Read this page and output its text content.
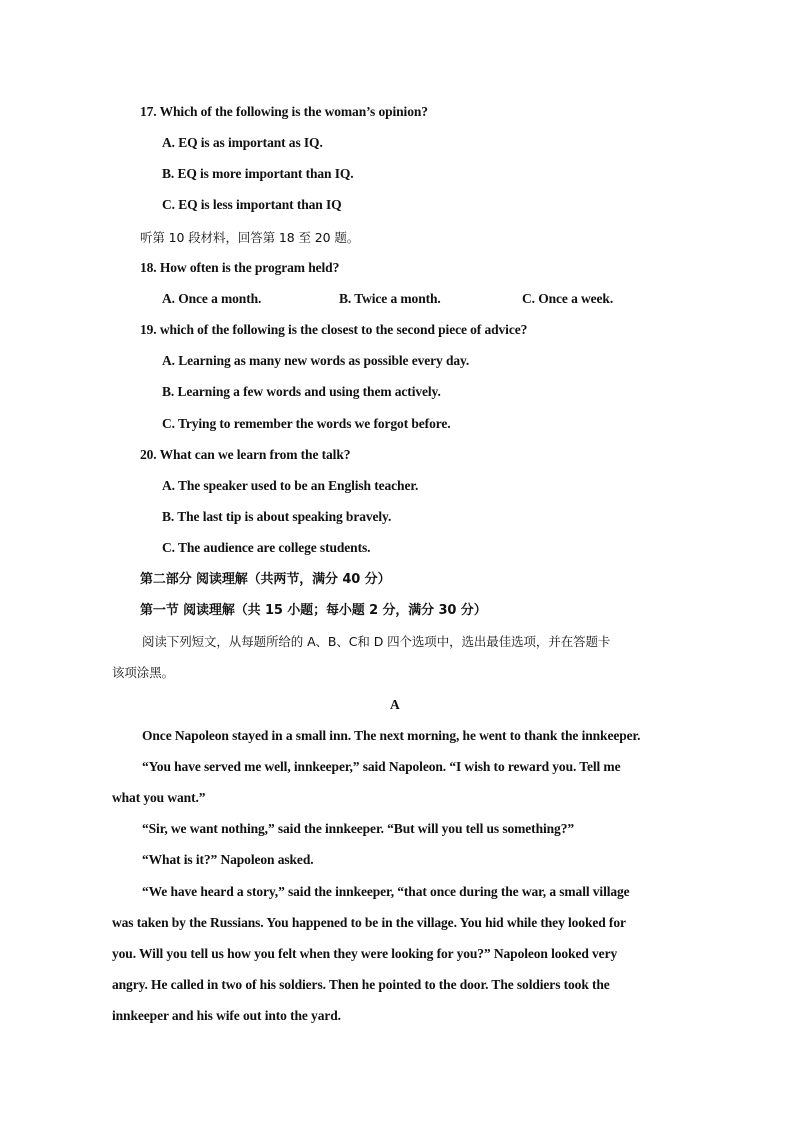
17. Which of the following is the woman’s opinion?
A. EQ is as important as IQ.
B. EQ is more important than IQ.
C. EQ is less important than IQ
听第 10 段材料，回答第 18 至 20 题。
18. How often is the program held?
A. Once a month.	B. Twice a month.	C. Once a week.
19. which of the following is the closest to the second piece of advice?
A. Learning as many new words as possible every day.
B. Learning a few words and using them actively.
C. Trying to remember the words we forgot before.
20. What can we learn from the talk?
A. The speaker used to be an English teacher.
B. The last tip is about speaking bravely.
C. The audience are college students.
第二部分 阅读理解（共两节，满分 40 分）
第一节 阅读理解（共 15 小题；每小题 2 分，满分 30 分）
阅读下列短文，从每题所给的 A、B、C和 D 四个选项中，选出最佳选项，并在答题卡
该项涂黑。
A
Once Napoleon stayed in a small inn. The next morning, he went to thank the innkeeper.
“You have served me well, innkeeper,” said Napoleon. “I wish to reward you. Tell me
what you want.”
“Sir, we want nothing,” said the innkeeper. “But will you tell us something?”
“What is it?” Napoleon asked.
“We have heard a story,” said the innkeeper, “that once during the war, a small village
was taken by the Russians. You happened to be in the village. You hid while they looked for
you. Will you tell us how you felt when they were looking for you?” Napoleon looked very
angry. He called in two of his soldiers. Then he pointed to the door. The soldiers took the
innkeeper and his wife out into the yard.
